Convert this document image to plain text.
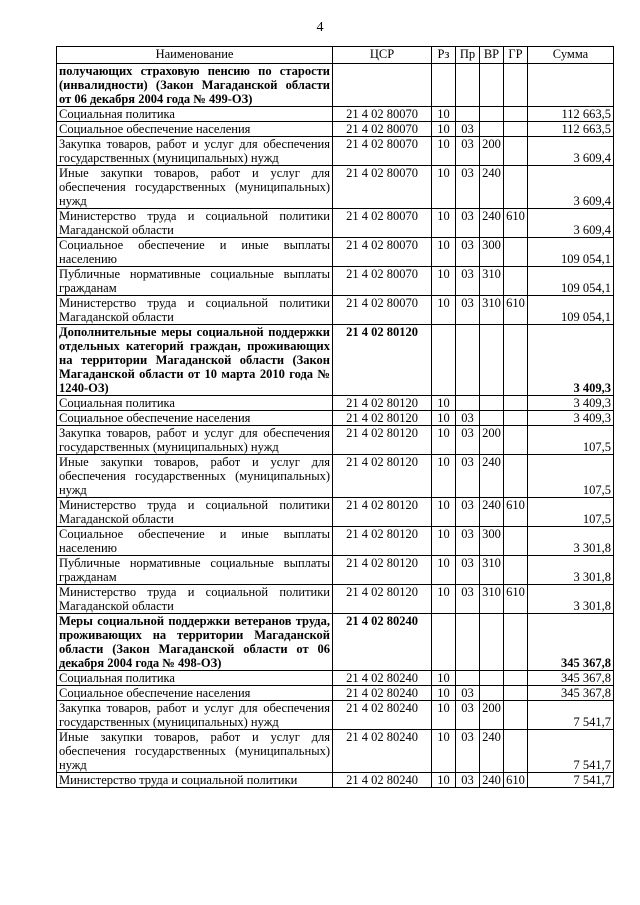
4
Наименование	ЦСР	Рз	Пр	ВР	ГР	Сумма
получающих страховую пенсию по старости (инвалидности) (Закон Магаданской области от 06 декабря 2004 года № 499-ОЗ)						
Социальная политика	21 4 02 80070	10				112 663,5
Социальное обеспечение населения	21 4 02 80070	10	03			112 663,5
Закупка товаров, работ и услуг для обеспечения государственных (муниципальных) нужд	21 4 02 80070	10	03	200		3 609,4
Иные закупки товаров, работ и услуг для обеспечения государственных (муниципальных) нужд	21 4 02 80070	10	03	240		3 609,4
Министерство труда и социальной политики Магаданской области	21 4 02 80070	10	03	240	610	3 609,4
Социальное обеспечение и иные выплаты населению	21 4 02 80070	10	03	300		109 054,1
Публичные нормативные социальные выплаты гражданам	21 4 02 80070	10	03	310		109 054,1
Министерство труда и социальной политики Магаданской области	21 4 02 80070	10	03	310	610	109 054,1
Дополнительные меры социальной поддержки отдельных категорий граждан, проживающих на территории Магаданской области (Закон Магаданской области от 10 марта 2010 года № 1240-ОЗ)	21 4 02 80120					3 409,3
Социальная политика	21 4 02 80120	10				3 409,3
Социальное обеспечение населения	21 4 02 80120	10	03			3 409,3
Закупка товаров, работ и услуг для обеспечения государственных (муниципальных) нужд	21 4 02 80120	10	03	200		107,5
Иные закупки товаров, работ и услуг для обеспечения государственных (муниципальных) нужд	21 4 02 80120	10	03	240		107,5
Министерство труда и социальной политики Магаданской области	21 4 02 80120	10	03	240	610	107,5
Социальное обеспечение и иные выплаты населению	21 4 02 80120	10	03	300		3 301,8
Публичные нормативные социальные выплаты гражданам	21 4 02 80120	10	03	310		3 301,8
Министерство труда и социальной политики Магаданской области	21 4 02 80120	10	03	310	610	3 301,8
Меры социальной поддержки ветеранов труда, проживающих на территории Магаданской области (Закон Магаданской области от 06 декабря 2004 года № 498-ОЗ)	21 4 02 80240					345 367,8
Социальная политика	21 4 02 80240	10				345 367,8
Социальное обеспечение населения	21 4 02 80240	10	03			345 367,8
Закупка товаров, работ и услуг для обеспечения государственных (муниципальных) нужд	21 4 02 80240	10	03	200		7 541,7
Иные закупки товаров, работ и услуг для обеспечения государственных (муниципальных) нужд	21 4 02 80240	10	03	240		7 541,7
Министерство труда и социальной политики	21 4 02 80240	10	03	240	610	7 541,7
